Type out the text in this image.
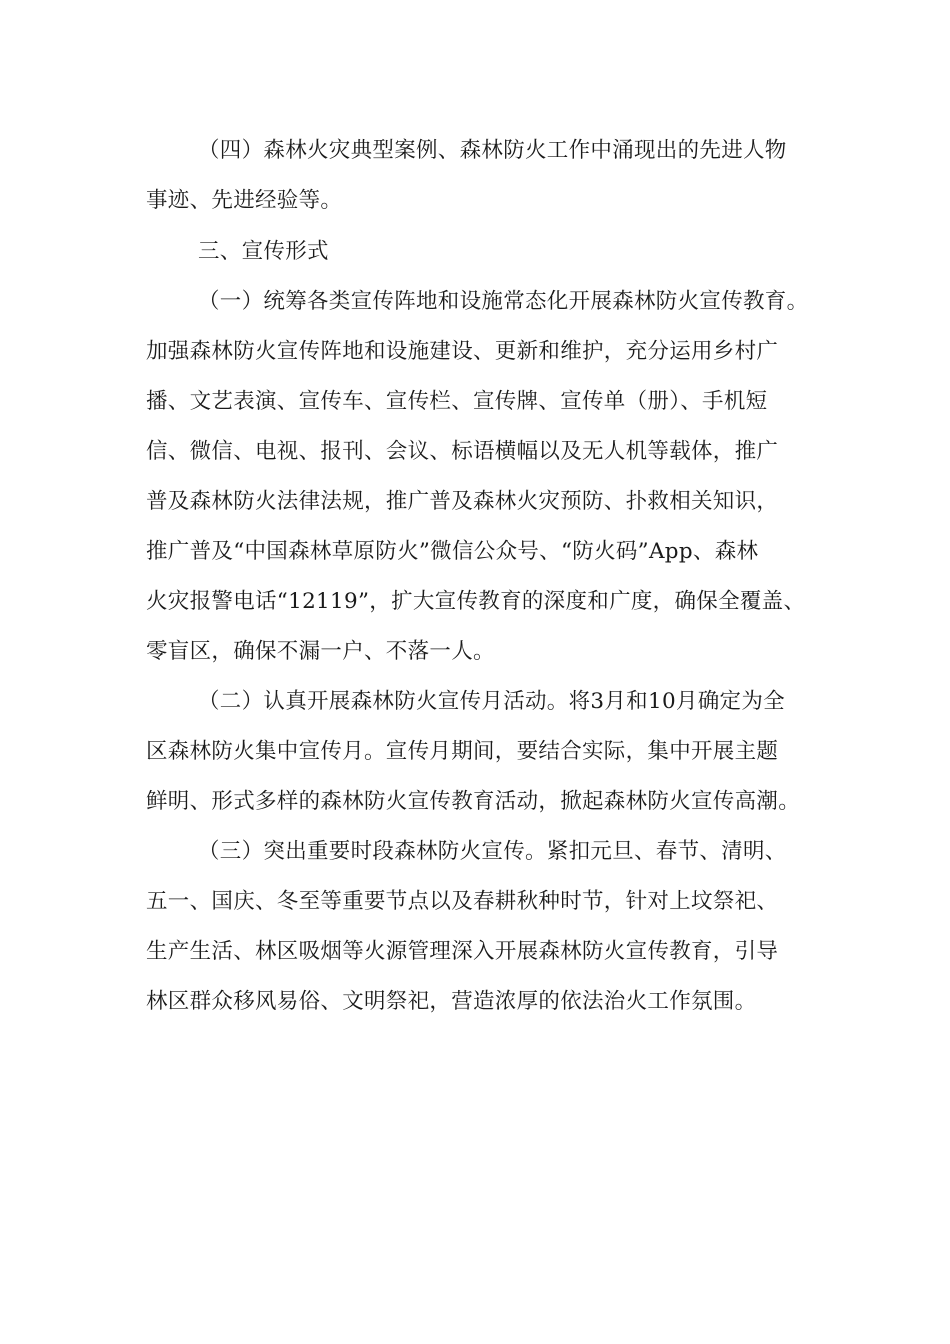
（四）森林火灾典型案例、森林防火工作中涌现出的先进人物

事迹、先进经验等。

三、宣传形式

（一）统筹各类宣传阵地和设施常态化开展森林防火宣传教育。

加强森林防火宣传阵地和设施建设、更新和维护，充分运用乡村广

播、文艺表演、宣传车、宣传栏、宣传牌、宣传单（册）、手机短

信、微信、电视、报刊、会议、标语横幅以及无人机等载体，推广

普及森林防火法律法规，推广普及森林火灾预防、扑救相关知识，

推广普及“中国森林草原防火”微信公众号、“防火码”App、森林

火灾报警电话“12119”，扩大宣传教育的深度和广度，确保全覆盖、

零盲区，确保不漏一户、不落一人。

（二）认真开展森林防火宣传月活动。将3月和10月确定为全

区森林防火集中宣传月。宣传月期间，要结合实际，集中开展主题

鲜明、形式多样的森林防火宣传教育活动，掀起森林防火宣传高潮。

（三）突出重要时段森林防火宣传。紧扣元旦、春节、清明、

五一、国庆、冬至等重要节点以及春耕秋种时节，针对上坟祭祀、

生产生活、林区吸烟等火源管理深入开展森林防火宣传教育，引导

林区群众移风易俗、文明祭祀，营造浓厚的依法治火工作氛围。
